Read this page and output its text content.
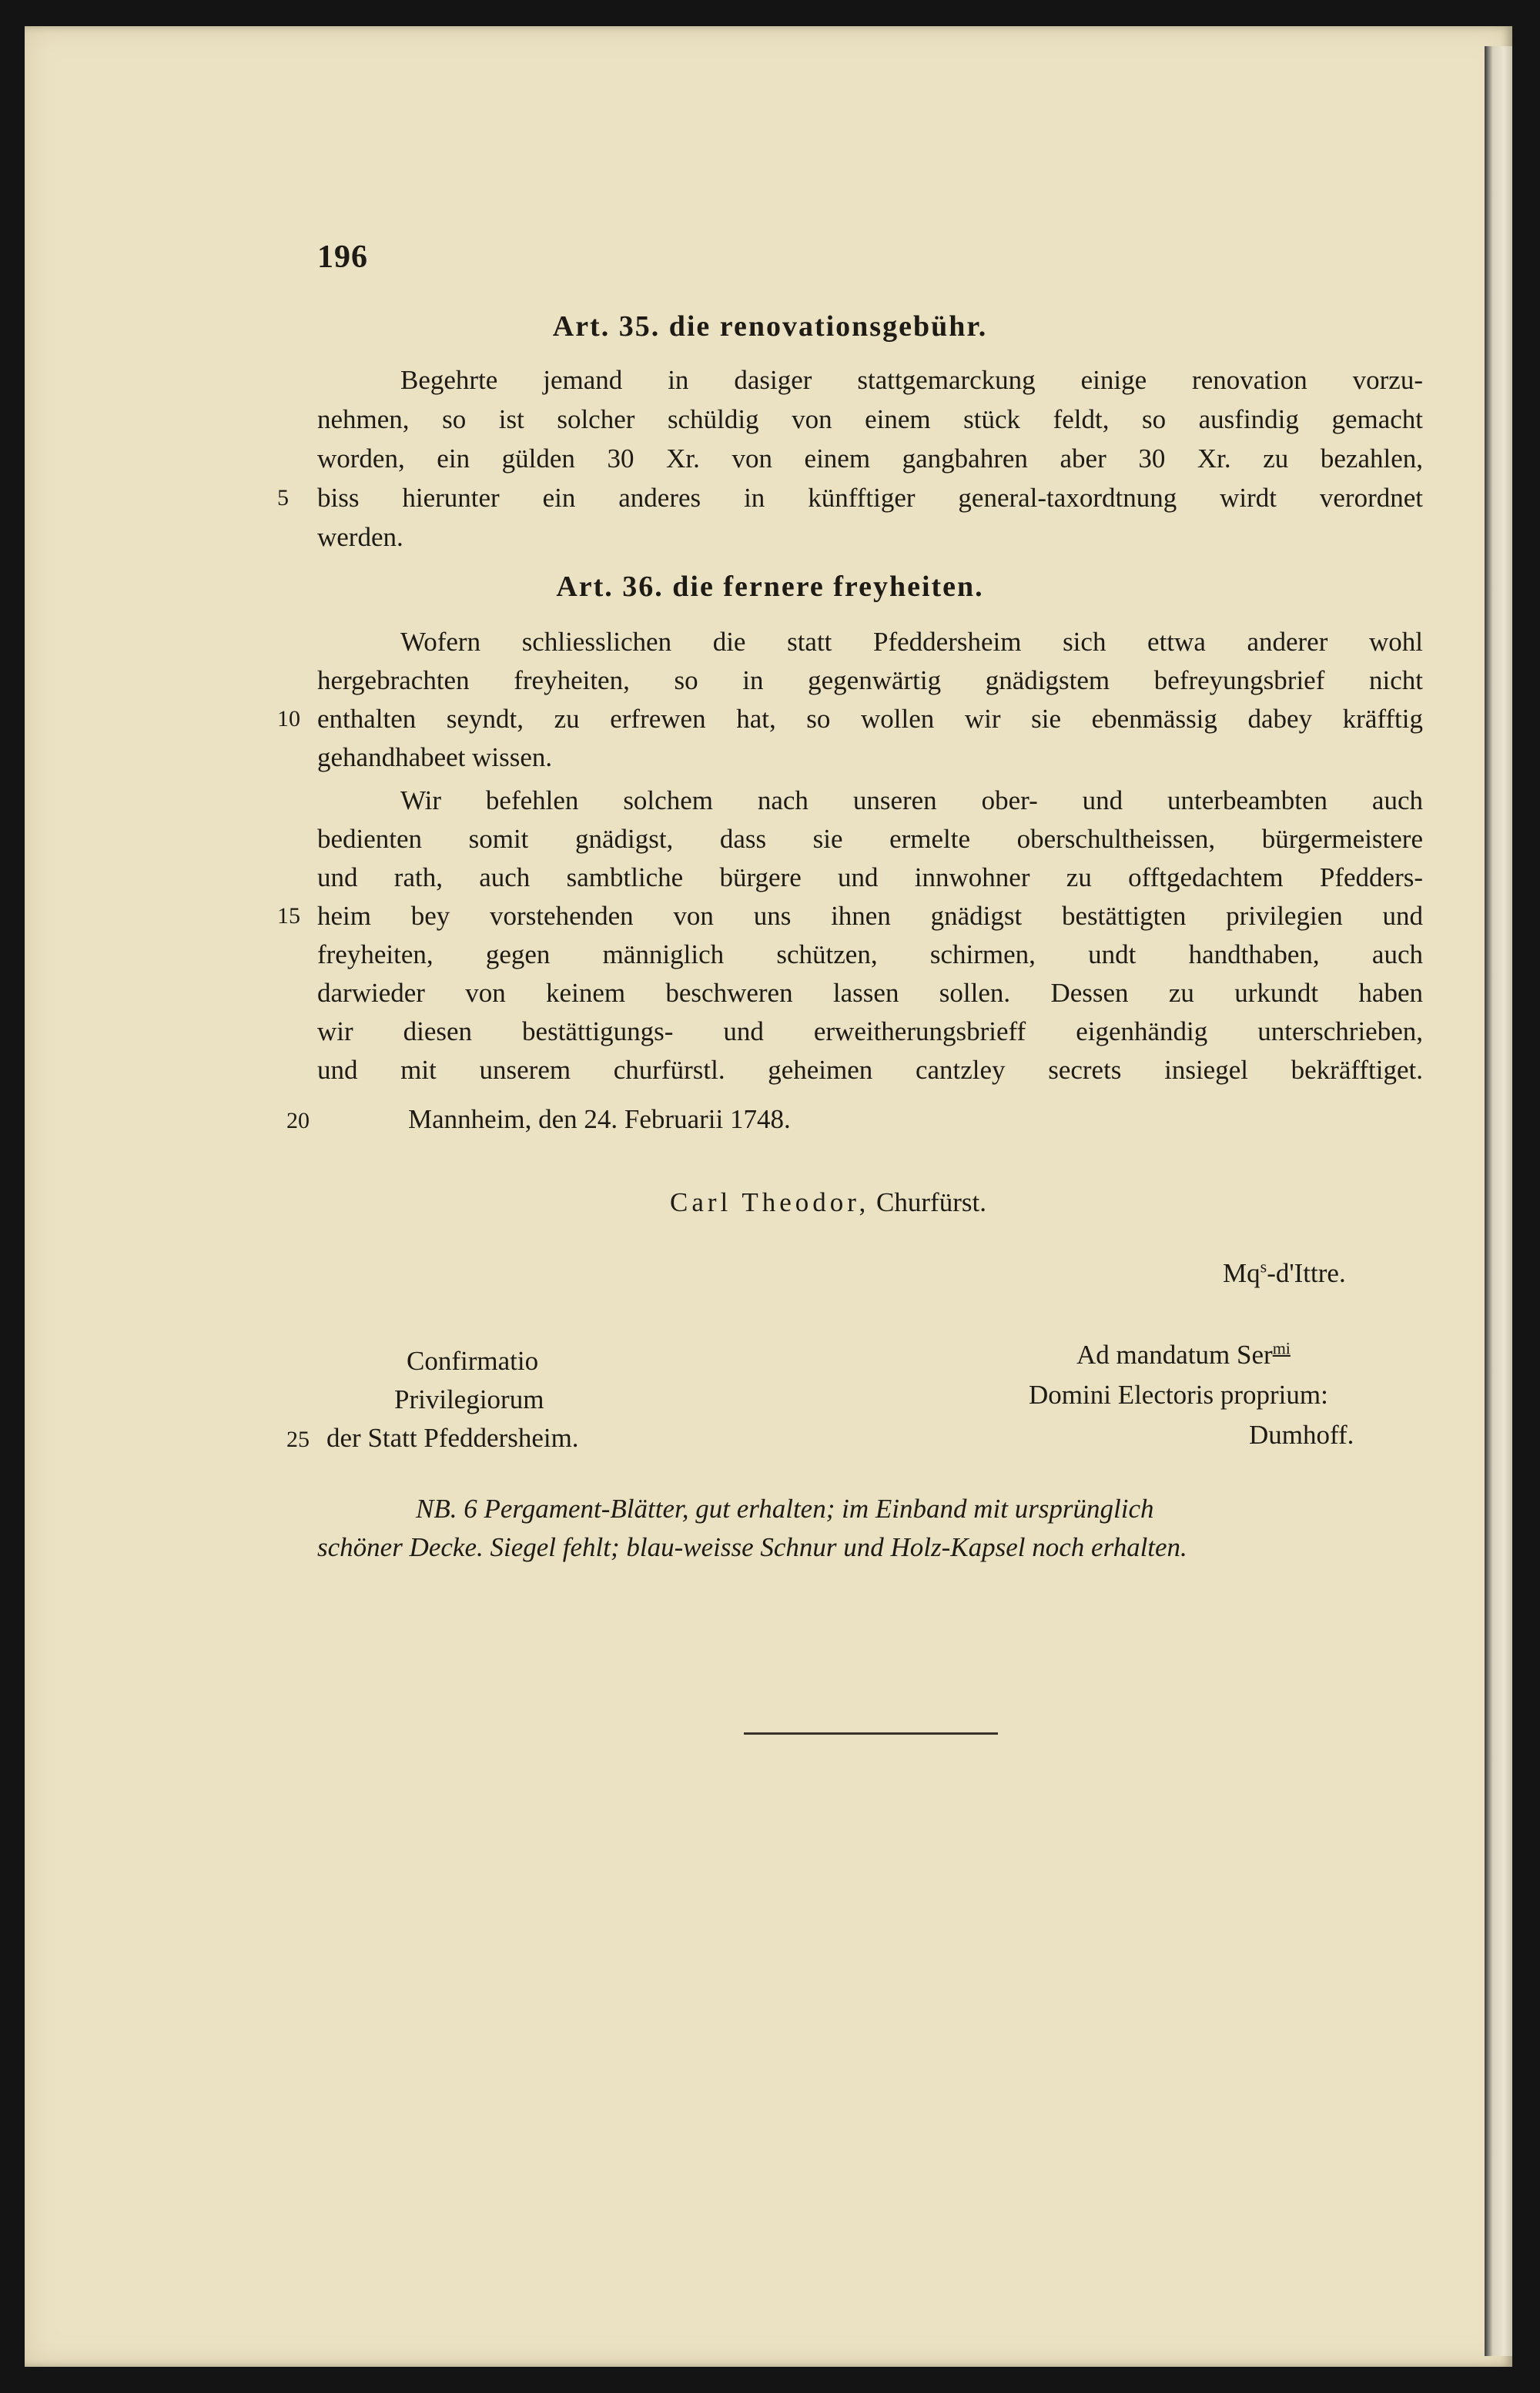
196
Art. 35. die renovationsgebühr.
Begehrte jemand in dasiger stattgemarckung einige renovation vorzu-
nehmen, so ist solcher schüldig von einem stück feldt, so ausfindig gemacht
worden, ein gülden 30 Xr. von einem gangbahren aber 30 Xr. zu bezahlen,
5 biss hierunter ein anderes in künfftiger general-taxordtnung wirdt verordnet
werden.
Art. 36. die fernere freyheiten.
Wofern schliesslichen die statt Pfeddersheim sich ettwa anderer wohl
hergebrachten freyheiten, so in gegenwärtig gnädigstem befreyungsbrief nicht
10 enthalten seyndt, zu erfrewen hat, so wollen wir sie ebenmässig dabey kräfftig
gehandhabeet wissen.
Wir befehlen solchem nach unseren ober- und unterbeambten auch
bedienten somit gnädigst, dass sie ermelte oberschultheissen, bürgermeistere
und rath, auch sambtliche bürgere und innwohner zu offtgedachtem Pfedders-
15 heim bey vorstehenden von uns ihnen gnädigst bestättigten privilegien und
freyheiten, gegen männiglich schützen, schirmen, undt handthaben, auch
darwieder von keinem beschweren lassen sollen. Dessen zu urkundt haben
wir diesen bestättigungs- und erweitherungsbrieff eigenhändig unterschrieben,
und mit unserem churfürstl. geheimen cantzley secrets insiegel bekräfftiget.
20	Mannheim, den 24. Februarii 1748.
Carl Theodor, Churfürst.
Mq$^s$-d'Ittre.
Confirmatio
Privilegiorum
25 der Statt Pfeddersheim.
Ad mandatum Ser$^{mi}$
Domini Electoris proprium:
Dumhoff.
NB. 6 Pergament-Blätter, gut erhalten; im Einband mit ursprünglich
schöner Decke. Siegel fehlt; blau-weisse Schnur und Holz-Kapsel noch erhalten.
